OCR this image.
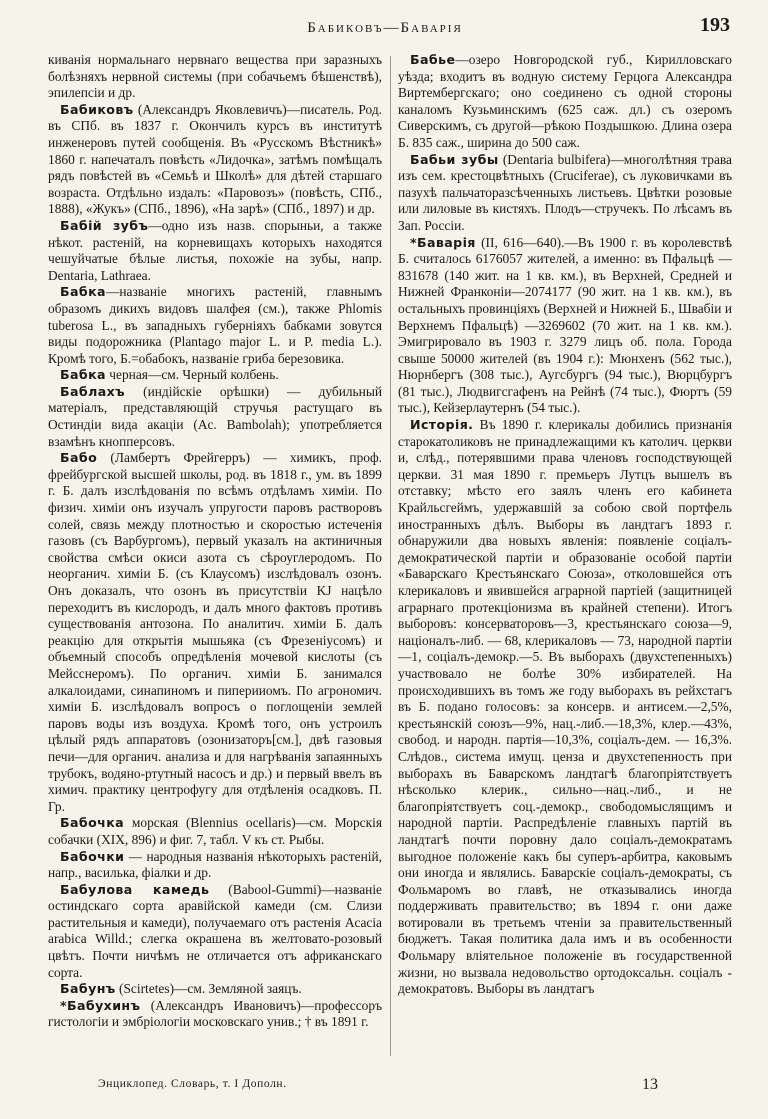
Бабиковъ—Баварія	193

киванія нормальнаго нервнаго вещества при заразныхъ болѣзняхъ нервной системы (при собачьемъ бѣшенствѣ), эпилепсіи и др.

Бабиковъ (Александръ Яковлевичъ)—писатель. Род. въ СПб. въ 1837 г. Окончилъ курсъ въ институтѣ инженеровъ путей сообщенія. Въ «Русскомъ Вѣстникѣ» 1860 г. напечаталъ повѣсть «Лидочка», затѣмъ помѣщалъ рядъ повѣстей въ «Семьѣ и Школѣ» для дѣтей старшаго возраста. Отдѣльно издалъ: «Паровозъ» (повѣсть, СПб., 1888), «Жукъ» (СПб., 1896), «На зарѣ» (СПб., 1897) и др.

Бабій зубъ—одно изъ назв. спорыньи, а также нѣкот. растеній, на корневищахъ которыхъ находятся чешуйчатые бѣлые листья, похожіе на зубы, напр. Dentaria, Lathraea.

Бабка—названіе многихъ растеній, главнымъ образомъ дикихъ видовъ шалфея (см.), также Phlomis tuberosa L., въ западныхъ губерніяхъ бабками зовутся виды подорожника (Plantago major L. и P. media L.). Кромѣ того, Б.=обабокъ, названіе гриба березовика.

Бабка черная—см. Черный колбень.

Баблахъ (индійскіе орѣшки) — дубильный матеріалъ, представляющій стручья растущаго въ Остиндіи вида акаціи (Ac. Bambolah); употребляется взамѣнъ кнопперсовъ.

Бабо (Ламбертъ Фрейгерръ) — химикъ, проф. фрейбургской высшей школы, род. въ 1818 г., ум. въ 1899 г. Б. далъ изслѣдованія по всѣмъ отдѣламъ химіи. По физич. химіи онъ изучалъ упругости паровъ растворовъ солей, связь между плотностью и скоростью истеченія газовъ (съ Варбургомъ), первый указалъ на актиничныя свойства смѣси окиси азота съ сѣроуглеродомъ. По неорганич. химіи Б. (съ Клаусомъ) изслѣдовалъ озонъ. Онъ доказалъ, что озонъ въ присутствіи KJ нацѣло переходитъ въ кислородъ, и далъ много фактовъ противъ существованія антозона. По аналитич. химіи Б. далъ реакцію для открытія мышьяка (съ Фрезеніусомъ) и объемный способъ опредѣленія мочевой кислоты (съ Мейсснеромъ). По органич. химіи Б. занимался алкалоидами, синапиномъ и пиперииомъ. По агрономич. химіи Б. изслѣдовалъ вопросъ о поглощеніи землей паровъ воды изъ воздуха. Кромѣ того, онъ устроилъ цѣлый рядъ аппаратовъ (озонизаторъ[см.], двѣ газовыя печи—для органич. анализа и для нагрѣванія запаянныхъ трубокъ, водяно-ртутный насосъ и др.) и первый ввелъ въ химич. практику центрофугу для отдѣленія осадковъ. П. Гр.

Бабочка морская (Blennius ocellaris)—см. Морскія собачки (XIX, 896) и фиг. 7, табл. V къ ст. Рыбы.

Бабочки — народныя названія нѣкоторыхъ растеній, напр., василька, фіалки и др.

Бабулова камедь (Babool-Gummi)—названіе остиндскаго сорта аравійской камеди (см. Слизи растительныя и камеди), получаемаго отъ растенія Acacia arabica Willd.; слегка окрашена въ желтовато-розовый цвѣтъ. Почти ничѣмъ не отличается отъ африканскаго сорта.

Бабунъ (Scirtetes)—см. Земляной заяцъ.

*Бабухинъ (Александръ Ивановичъ)—профессоръ гистологіи и эмбріологіи московскаго унив.; † въ 1891 г.

Бабье—озеро Новгородской губ., Кирилловскаго уѣзда; входитъ въ водную систему Герцога Александра Виртембергскаго; оно соединено съ одной стороны каналомъ Кузьминскимъ (625 саж. дл.) съ озеромъ Сиверскимъ, съ другой—рѣкою Поздышкою. Длина озера Б. 835 саж., ширина до 500 саж.

Бабьи зубы (Dentaria bulbifera)—многолѣтняя трава изъ сем. крестоцвѣтныхъ (Cruciferae), съ луковичками въ пазухѣ пальчаторазсѣченныхъ листьевъ. Цвѣтки розовые или лиловые въ кистяхъ. Плодъ—стручекъ. По лѣсамъ въ Зап. Россіи.

*Баварія (II, 616—640).—Въ 1900 г. въ королевствѣ Б. считалось 6176057 жителей, а именно: въ Пфальцѣ — 831678 (140 жит. на 1 кв. км.), въ Верхней, Средней и Нижней Франконіи—2074177 (90 жит. на 1 кв. км.), въ остальныхъ провинціяхъ (Верхней и Нижней Б., Швабіи и Верхнемъ Пфальцѣ) —3269602 (70 жит. на 1 кв. км.). Эмигрировало въ 1903 г. 3279 лицъ об. пола. Города свыше 50000 жителей (въ 1904 г.): Мюнхенъ (562 тыс.), Нюрнбергъ (308 тыс.), Аугсбургъ (94 тыс.), Вюрцбургъ (81 тыс.), Людвигсгафенъ на Рейнѣ (74 тыс.), Фюртъ (59 тыс.), Кейзерлаутернъ (54 тыс.).

Исторія. Въ 1890 г. клерикалы добились признанія старокатоликовъ не принадлежащими къ католич. церкви и, слѣд., потерявшими права членовъ господствующей церкви. 31 мая 1890 г. премьеръ Лутцъ вышелъ въ отставку; мѣсто его заялъ членъ его кабинета Крайльсгеймъ, удержавшій за собою свой портфель иностранныхъ дѣлъ. Выборы въ ландтагъ 1893 г. обнаружили два новыхъ явленія: появленіе соціалъ-демократической партіи и образованіе особой партіи «Баварскаго Крестьянскаго Союза», отколовшейся отъ клерикаловъ и явившейся аграрной партіей (защитницей аграрнаго протекціонизма въ крайней степени). Итогъ выборовъ: консерваторовъ—3, крестьянскаго союза—9, націоналъ-либ. — 68, клерикаловъ — 73, народной партіи—1, соціалъ-демокр.—5. Въ выборахъ (двухстепенныхъ) участвовало не болѣе 30% избирателей. На происходившихъ въ томъ же году выборахъ въ рейхстагъ въ Б. подано голосовъ: за консерв. и антисем.—2,5%, крестьянскій союзъ—9%, нац.-либ.—18,3%, клер.—43%, свобод. и народн. партія—10,3%, соціалъ-дем. — 16,3%. Слѣдов., система имущ. ценза и двухстепенность при выборахъ въ Баварскомъ ландтагѣ благопріятствуетъ нѣсколько клерик., сильно—нац.-либ., и не благопріятствуетъ соц.-демокр., свободомыслящимъ и народной партіи. Распредѣленіе главныхъ партій въ ландтагѣ почти поровну дало соціалъ-демократамъ выгодное положеніе какъ бы суперъ-арбитра, каковымъ они иногда и являлись. Баварскіе соціалъ-демократы, съ Фольмаромъ во главѣ, не отказывались иногда поддерживать правительство; въ 1894 г. они даже вотировали въ третьемъ чтеніи за правительственный бюджетъ. Такая политика дала имъ и въ особенности Фольмару вліятельное положеніе въ государственной жизни, но вызвала недовольство ортодоксальн. соціалъ - демократовъ. Выборы въ ландтагъ

Энциклопед. Словарь, т. I Дополн.	13
